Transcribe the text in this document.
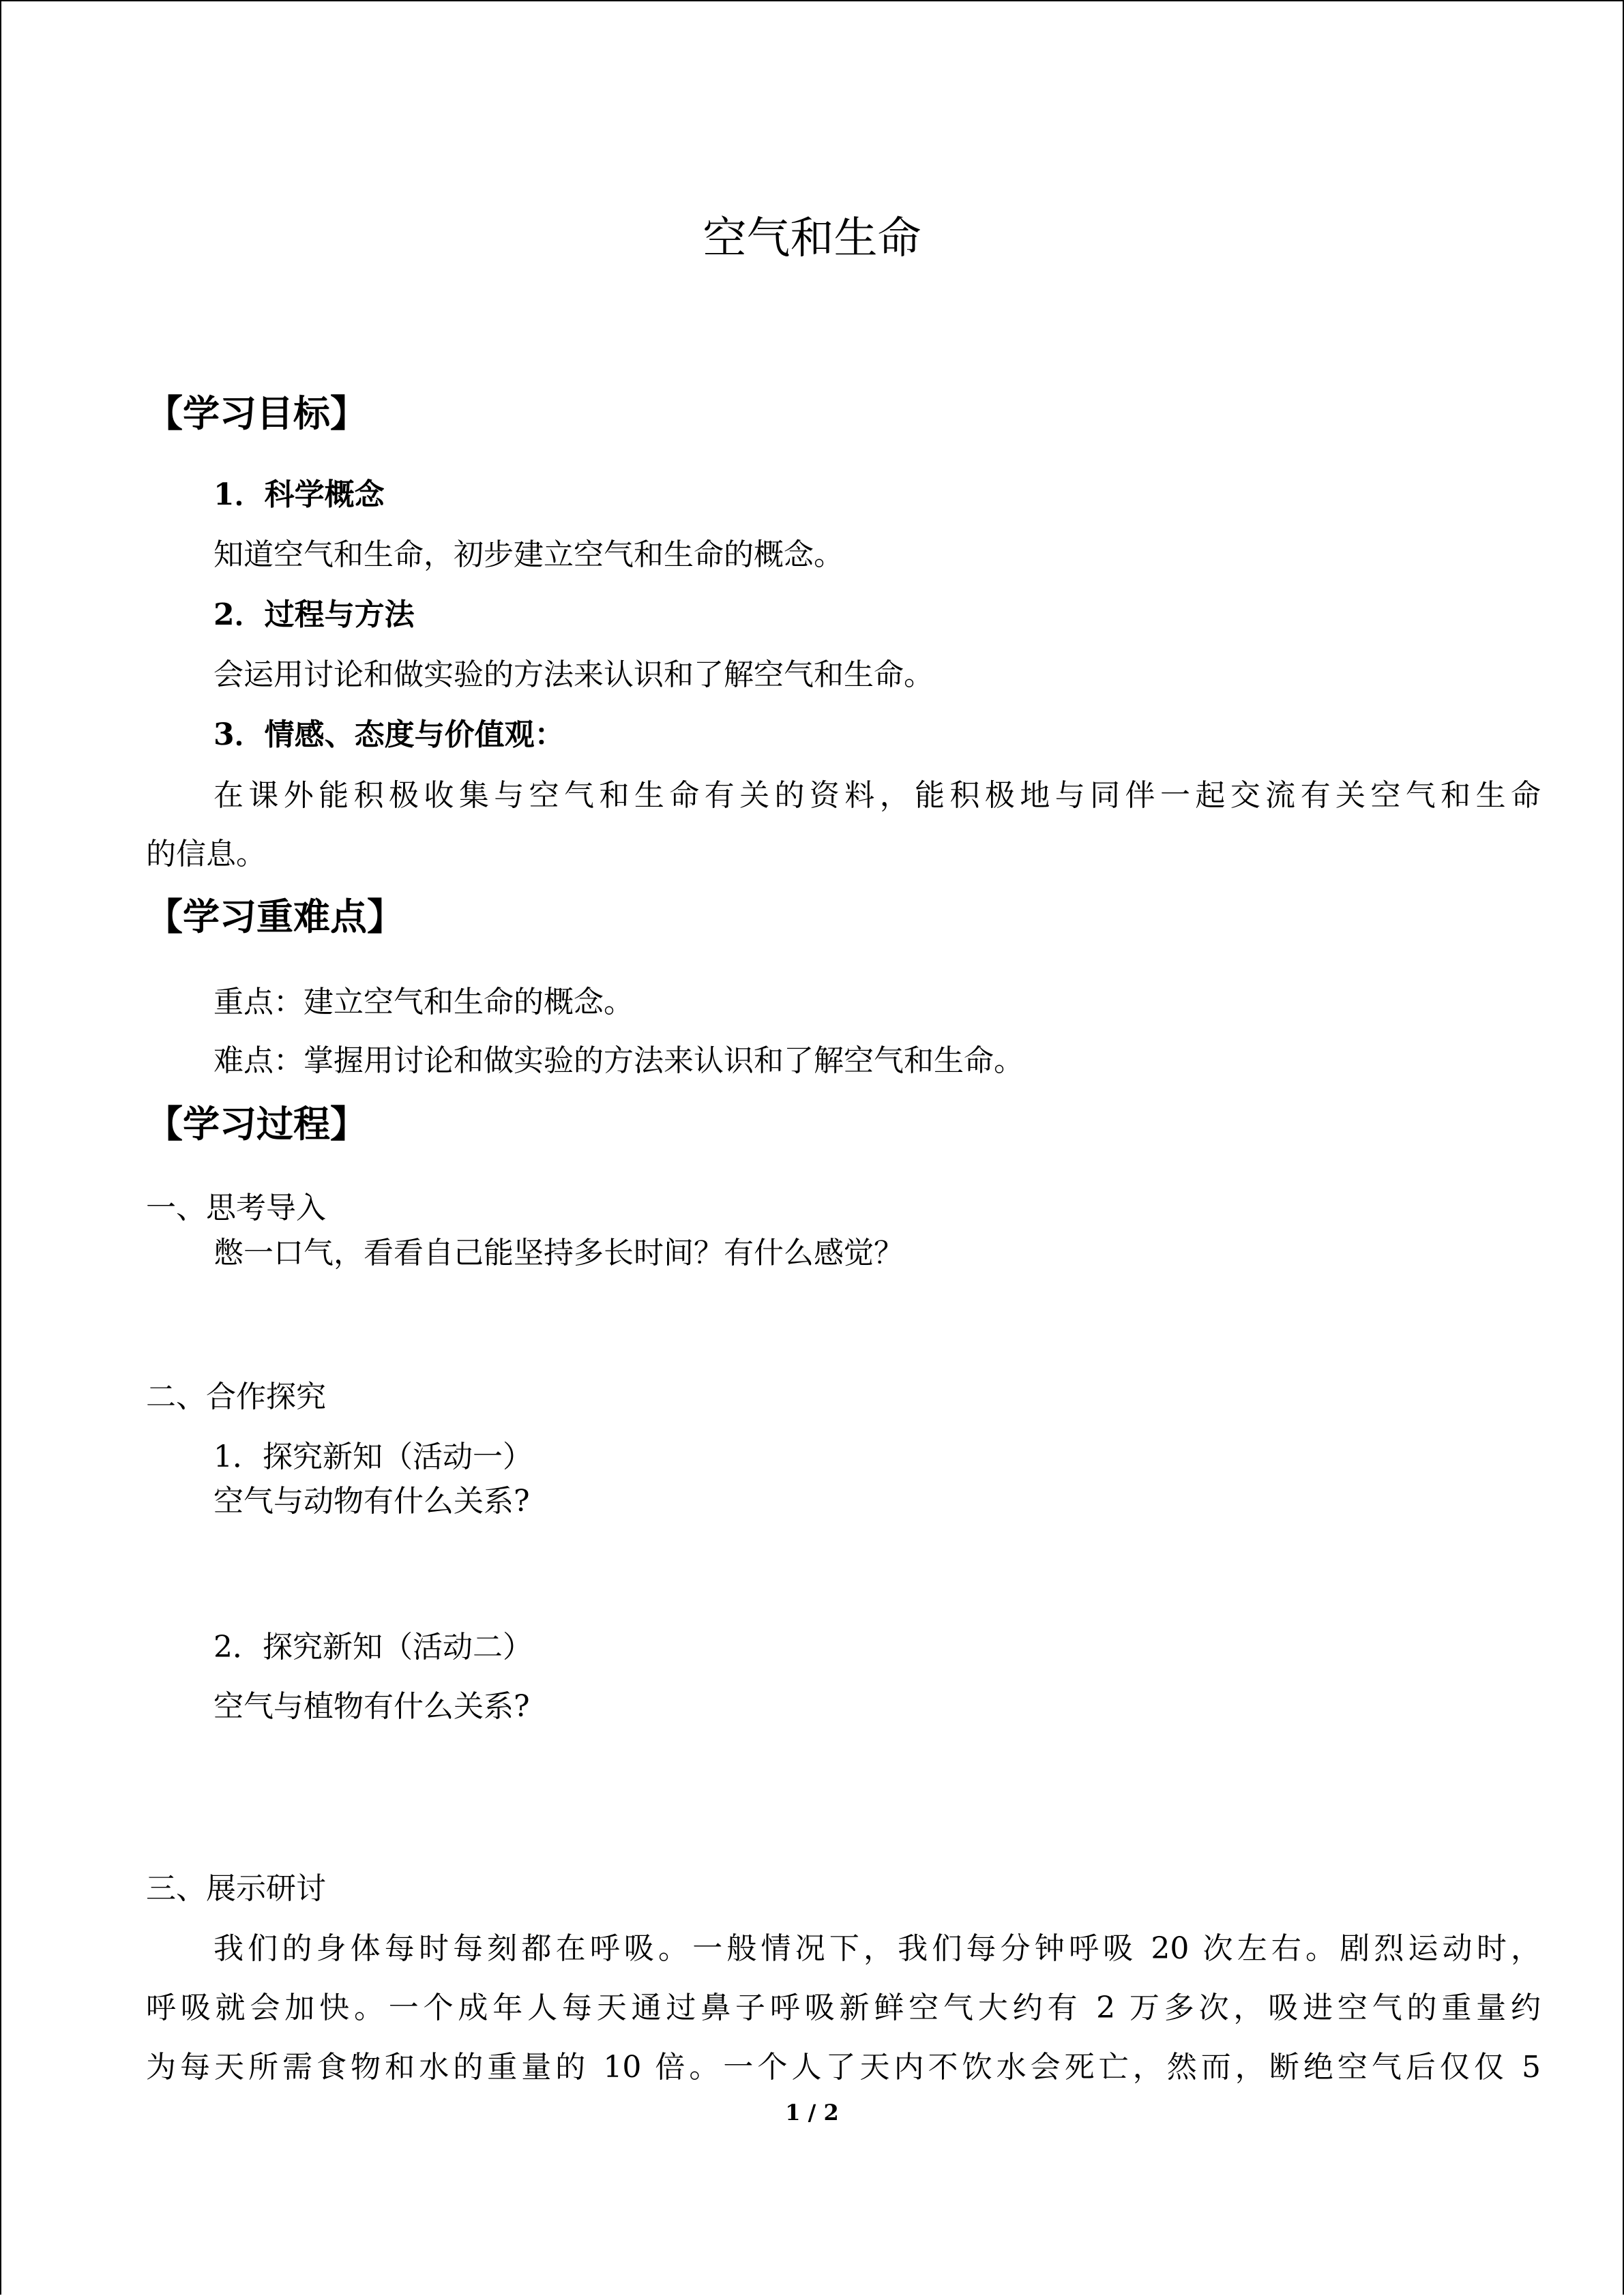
空气和生命
【学习目标】
1．科学概念
知道空气和生命，初步建立空气和生命的概念。
2．过程与方法
会运用讨论和做实验的方法来认识和了解空气和生命。
3．情感、态度与价值观：
在课外能积极收集与空气和生命有关的资料，能积极地与同伴一起交流有关空气和生命
的信息。
【学习重难点】
重点：建立空气和生命的概念。
难点：掌握用讨论和做实验的方法来认识和了解空气和生命。
【学习过程】
一、思考导入
憋一口气，看看自己能坚持多长时间？有什么感觉？
二、合作探究
1．探究新知（活动一）
空气与动物有什么关系?
2．探究新知（活动二）
空气与植物有什么关系?
三、展示研讨
我们的身体每时每刻都在呼吸。一般情况下，我们每分钟呼吸 20 次左右。剧烈运动时，
呼吸就会加快。一个成年人每天通过鼻子呼吸新鲜空气大约有 2 万多次，吸进空气的重量约
为每天所需食物和水的重量的 10 倍。一个人了天内不饮水会死亡，然而，断绝空气后仅仅 5
1 / 2
